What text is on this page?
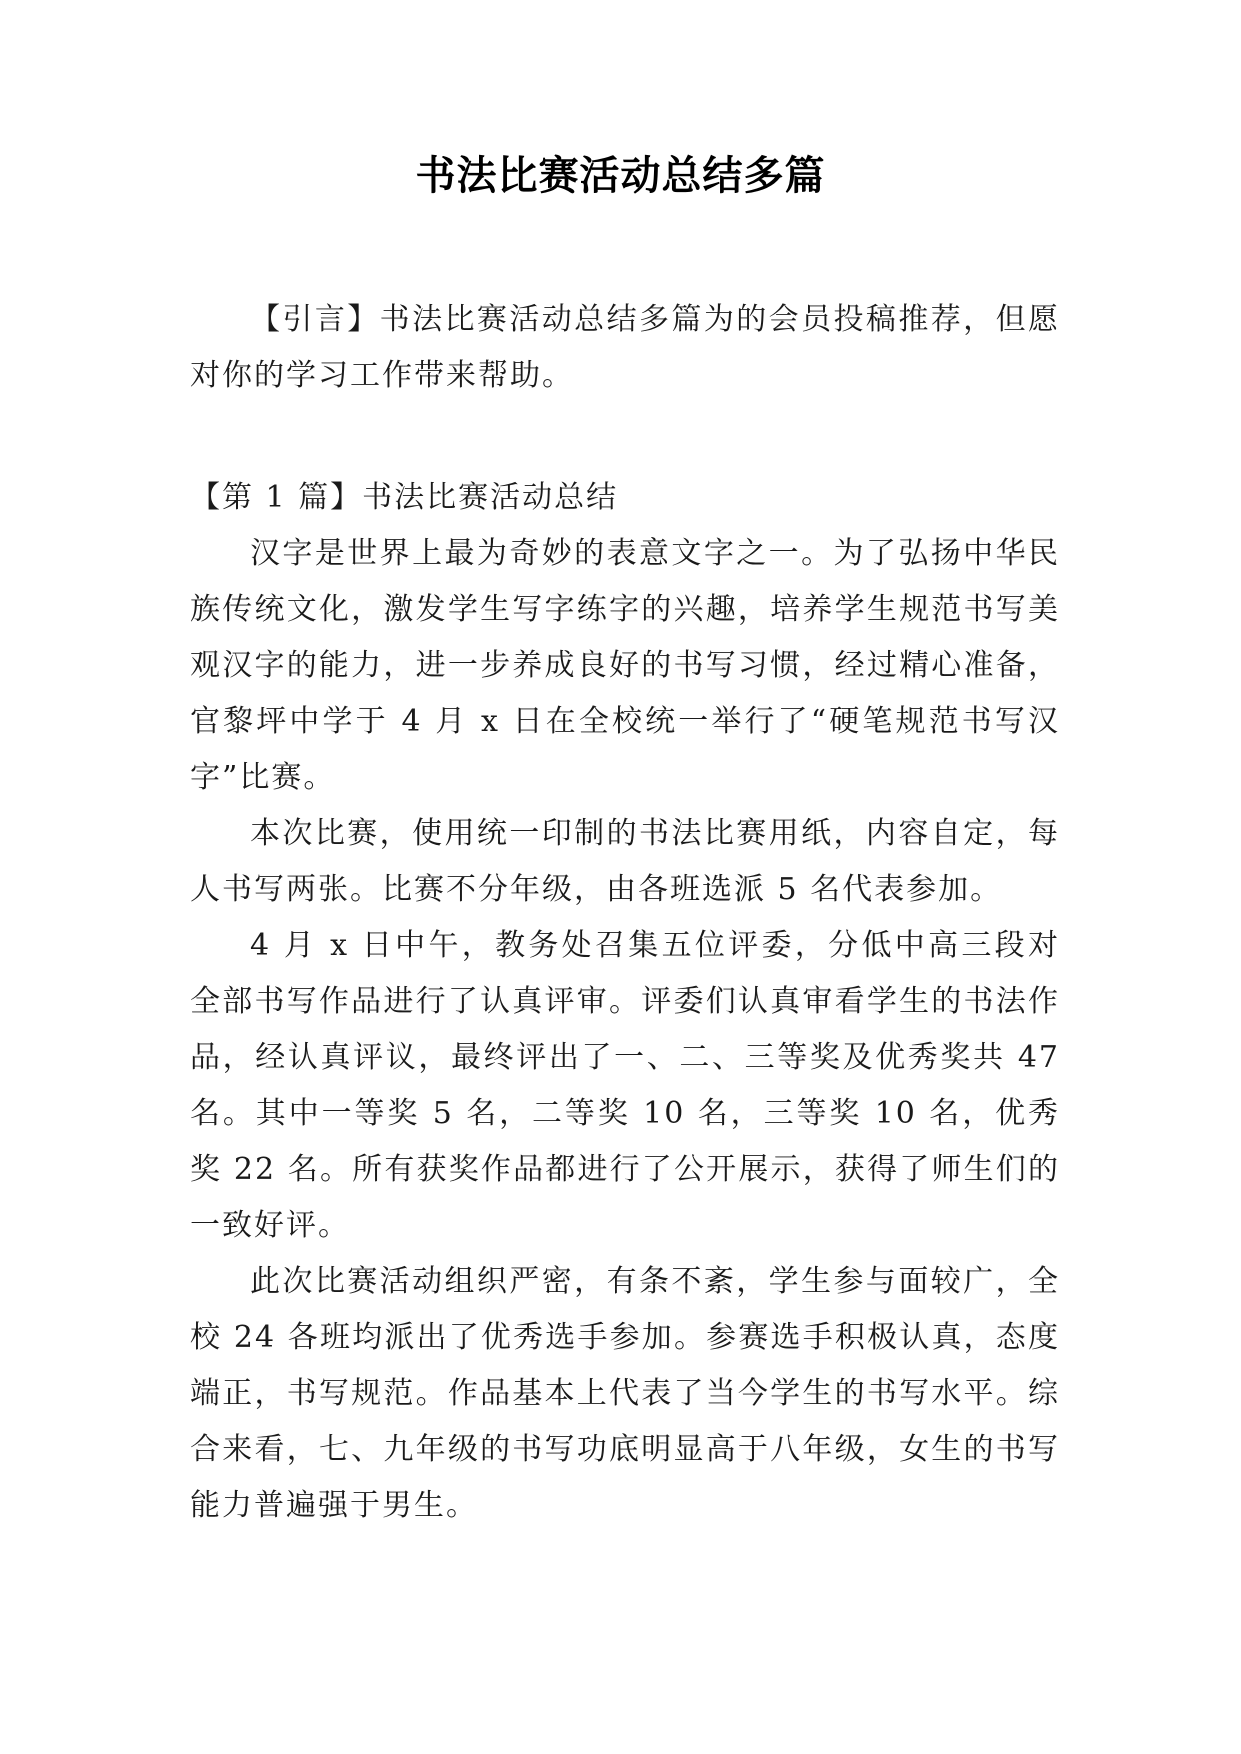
书法比赛活动总结多篇

【引言】书法比赛活动总结多篇为的会员投稿推荐，但愿对你的学习工作带来帮助。

【第 1 篇】书法比赛活动总结

汉字是世界上最为奇妙的表意文字之一。为了弘扬中华民族传统文化，激发学生写字练字的兴趣，培养学生规范书写美观汉字的能力，进一步养成良好的书写习惯，经过精心准备，官黎坪中学于 4 月 x 日在全校统一举行了“硬笔规范书写汉字”比赛。

本次比赛，使用统一印制的书法比赛用纸，内容自定，每人书写两张。比赛不分年级，由各班选派 5 名代表参加。

4 月 x 日中午，教务处召集五位评委，分低中高三段对全部书写作品进行了认真评审。评委们认真审看学生的书法作品，经认真评议，最终评出了一、二、三等奖及优秀奖共 47 名。其中一等奖 5 名，二等奖 10 名，三等奖 10 名，优秀奖 22 名。所有获奖作品都进行了公开展示，获得了师生们的一致好评。

此次比赛活动组织严密，有条不紊，学生参与面较广，全校 24 各班均派出了优秀选手参加。参赛选手积极认真，态度端正，书写规范。作品基本上代表了当今学生的书写水平。综合来看，七、九年级的书写功底明显高于八年级，女生的书写能力普遍强于男生。
